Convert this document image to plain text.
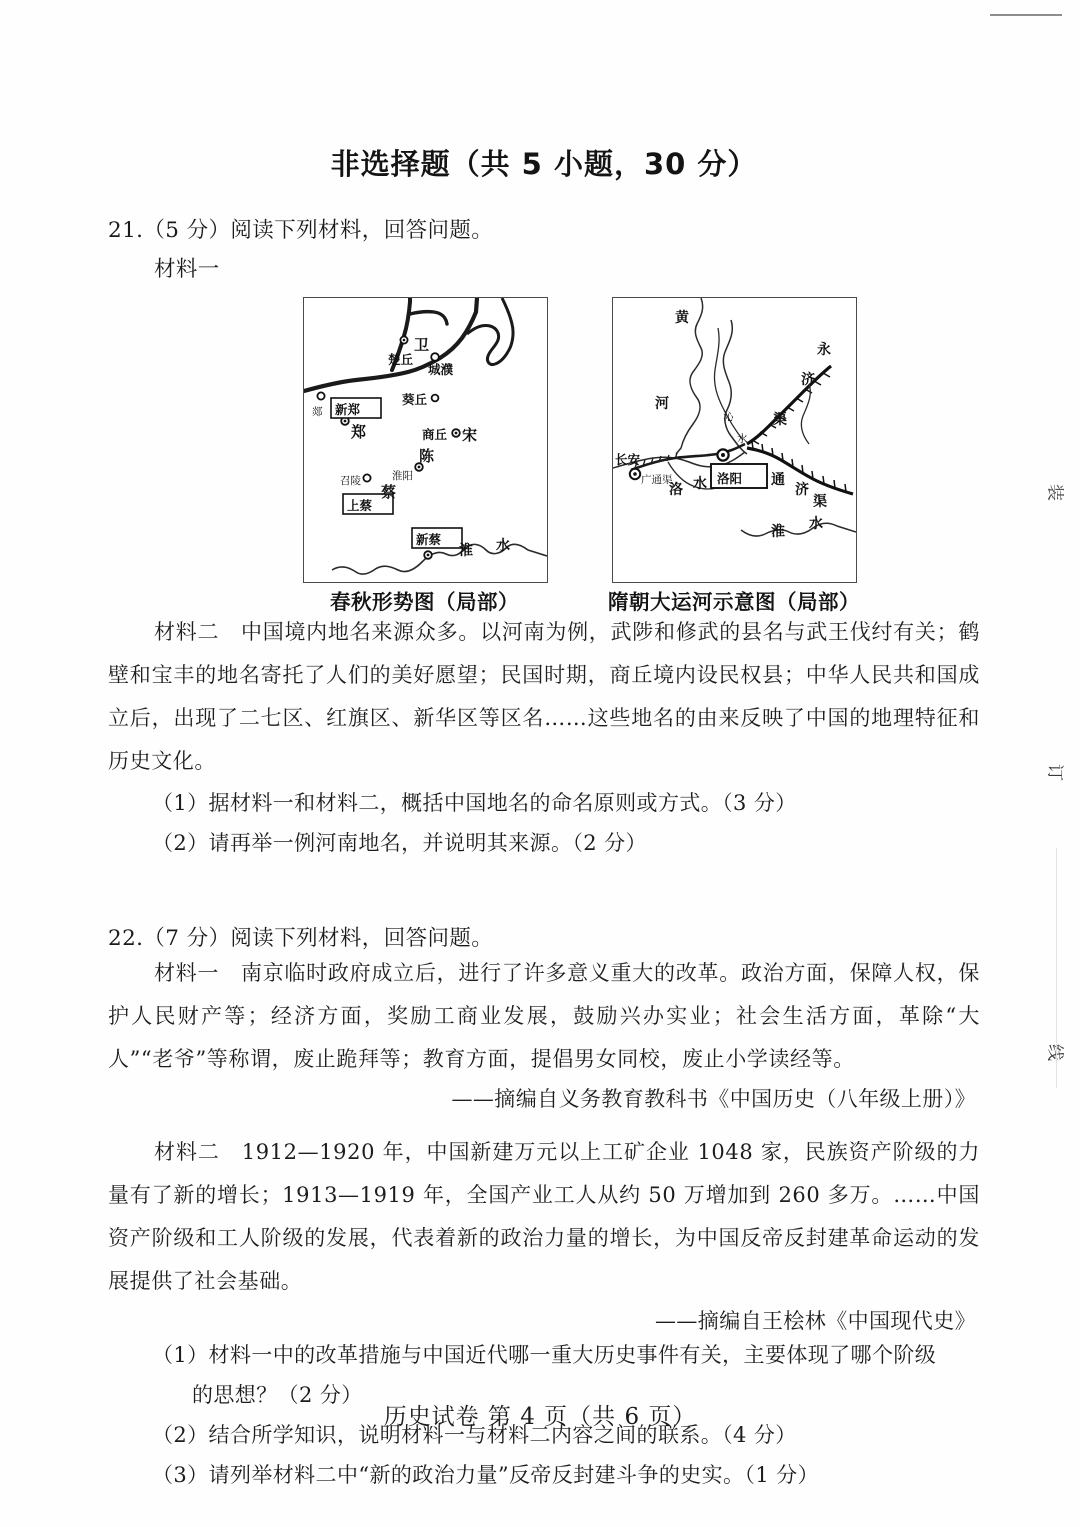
装
订
线
非选择题（共 5 小题，30 分）
21.（5 分）阅读下列材料，回答问题。
材料一
卫
楚丘
城濮
葵丘
郯 新郑
郑	商丘 宋
陈
淮阳
召陵
蔡
上蔡
新蔡
淮 水
黄
河
沁
水
长安
广通渠
洛 水 洛阳
永
济
渠
通
济
渠
淮 水
春秋形势图（局部）	隋朝大运河示意图（局部）
材料二　中国境内地名来源众多。以河南为例，武陟和修武的县名与武王伐纣有关；鹤壁和宝丰的地名寄托了人们的美好愿望；民国时期，商丘境内设民权县；中华人民共和国成立后，出现了二七区、红旗区、新华区等区名……这些地名的由来反映了中国的地理特征和历史文化。
（1）据材料一和材料二，概括中国地名的命名原则或方式。（3 分）
（2）请再举一例河南地名，并说明其来源。（2 分）
22.（7 分）阅读下列材料，回答问题。
材料一　南京临时政府成立后，进行了许多意义重大的改革。政治方面，保障人权，保护人民财产等；经济方面，奖励工商业发展，鼓励兴办实业；社会生活方面，革除“大人”“老爷”等称谓，废止跪拜等；教育方面，提倡男女同校，废止小学读经等。
——摘编自义务教育教科书《中国历史（八年级上册）》
材料二　1912—1920 年，中国新建万元以上工矿企业 1048 家，民族资产阶级的力量有了新的增长；1913—1919 年，全国产业工人从约 50 万增加到 260 多万。……中国资产阶级和工人阶级的发展，代表着新的政治力量的增长，为中国反帝反封建革命运动的发展提供了社会基础。
——摘编自王桧林《中国现代史》
（1）材料一中的改革措施与中国近代哪一重大历史事件有关，主要体现了哪个阶级
的思想？（2 分）
（2）结合所学知识，说明材料一与材料二内容之间的联系。（4 分）
（3）请列举材料二中“新的政治力量”反帝反封建斗争的史实。（1 分）
历史试卷 第 4 页（共 6 页）
